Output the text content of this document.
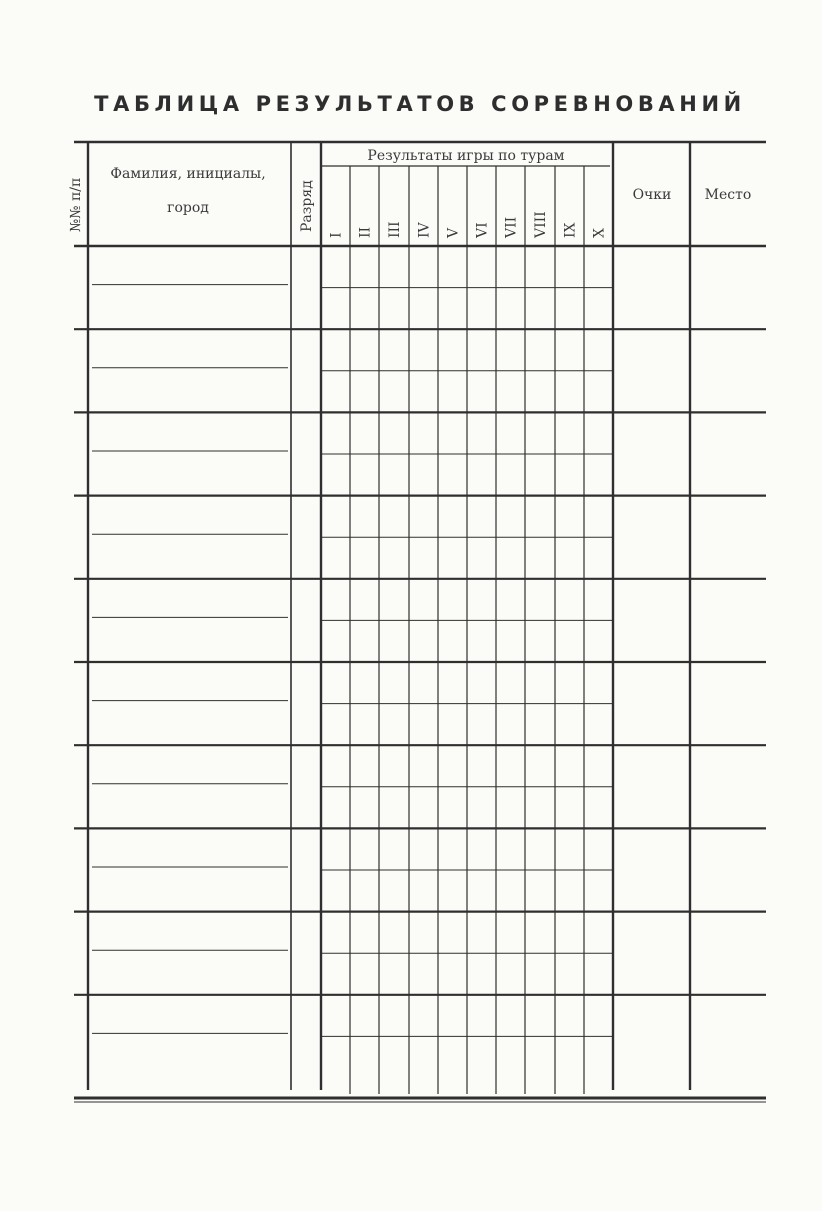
ТАБЛИЦА РЕЗУЛЬТАТОВ СОРЕВНОВАНИЙ
№№ п/п
Фамилия, инициалы,
город	Разряд
Результаты игры по турам
I II III IV V VI VII VIII IX X
Очки Место
